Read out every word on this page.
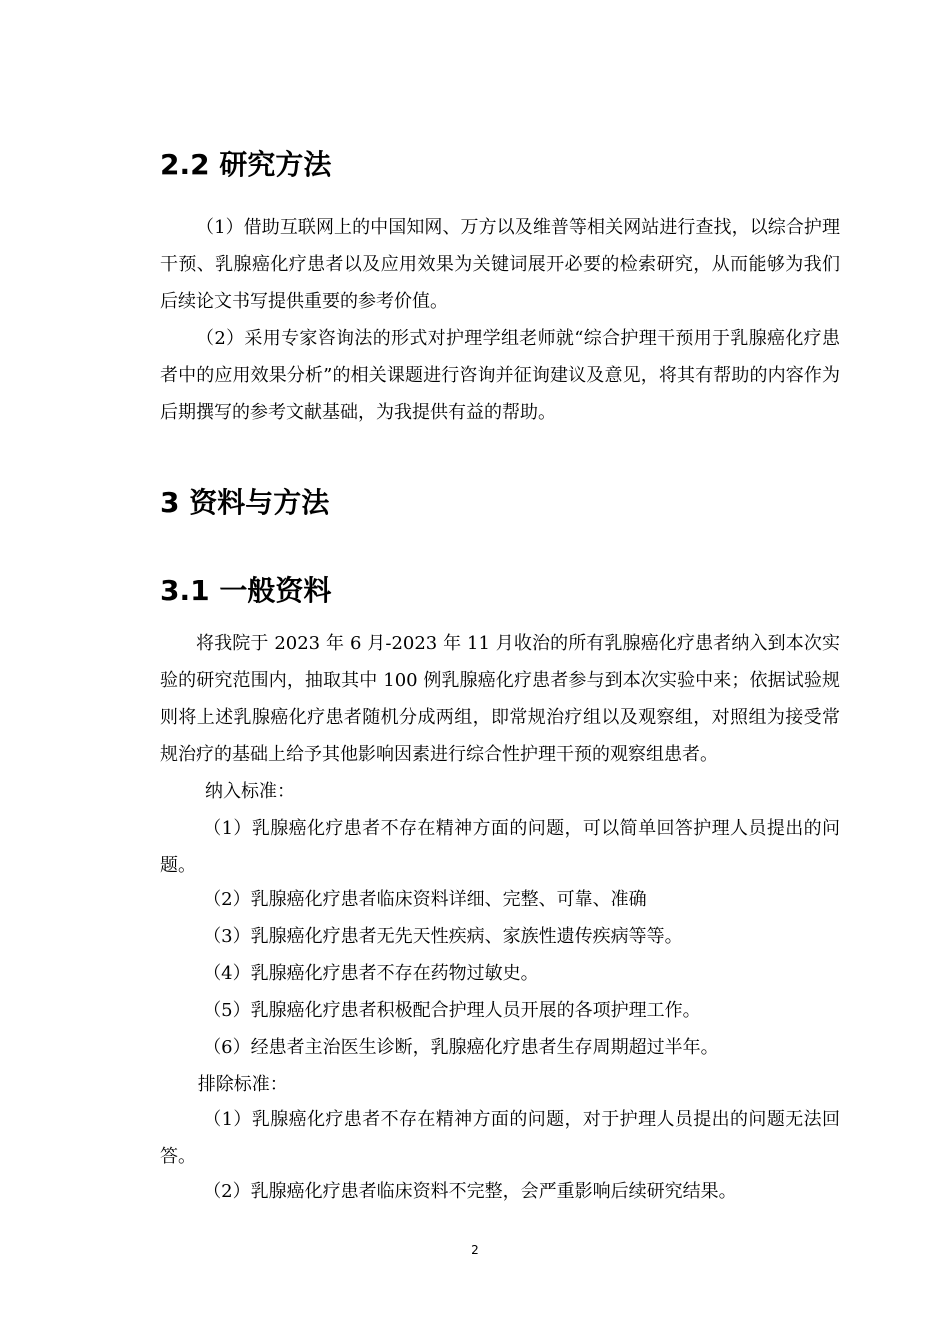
2.2 研究方法

（1）借助互联网上的中国知网、万方以及维普等相关网站进行查找，以综合护理干预、乳腺癌化疗患者以及应用效果为关键词展开必要的检索研究，从而能够为我们后续论文书写提供重要的参考价值。

（2）采用专家咨询法的形式对护理学组老师就“综合护理干预用于乳腺癌化疗患者中的应用效果分析”的相关课题进行咨询并征询建议及意见，将其有帮助的内容作为后期撰写的参考文献基础，为我提供有益的帮助。

3 资料与方法
3.1 一般资料

将我院于 2023 年 6 月-2023 年 11 月收治的所有乳腺癌化疗患者纳入到本次实验的研究范围内，抽取其中 100 例乳腺癌化疗患者参与到本次实验中来；依据试验规则将上述乳腺癌化疗患者随机分成两组，即常规治疗组以及观察组，对照组为接受常规治疗的基础上给予其他影响因素进行综合性护理干预的观察组患者。

纳入标准：

（1）乳腺癌化疗患者不存在精神方面的问题，可以简单回答护理人员提出的问题。

（2）乳腺癌化疗患者临床资料详细、完整、可靠、准确

（3）乳腺癌化疗患者无先天性疾病、家族性遗传疾病等等。

（4）乳腺癌化疗患者不存在药物过敏史。

（5）乳腺癌化疗患者积极配合护理人员开展的各项护理工作。

（6）经患者主治医生诊断，乳腺癌化疗患者生存周期超过半年。

排除标准：

（1）乳腺癌化疗患者不存在精神方面的问题，对于护理人员提出的问题无法回答。

（2）乳腺癌化疗患者临床资料不完整，会严重影响后续研究结果。

2
